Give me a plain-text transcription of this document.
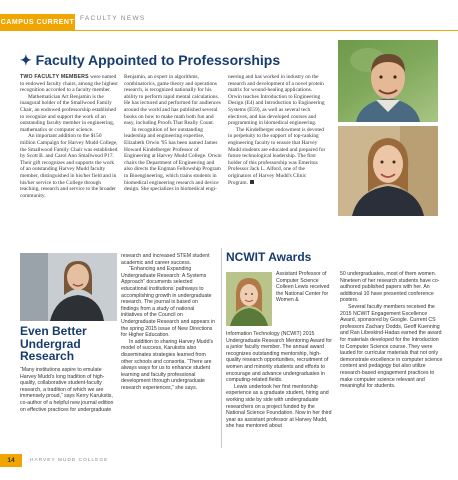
CAMPUS CURRENT
FACULTY NEWS
✦ Faculty Appointed to Professorships

TWO FACULTY MEMBERS were named to endowed faculty chairs, among the highest recognition accorded to a faculty member.

Mathematician Art Benjamin is the inaugural holder of the Smallwood Family Chair, an endowed professorship established to recognize and support the work of an outstanding faculty member in engineering, mathematics or computer science.

An important addition to the $150 million Campaign for Harvey Mudd College, the Smallwood Family Chair was established by Scott B. and Carol Ann Smallwood P17. Their gift recognizes and supports the work of an outstanding Harvey Mudd faculty member, distinguished in his/her field and in his/her service to the College through teaching, research and service to the broader community.

Benjamin, an expert in algorithms, combinatorics, game theory and operations research, is recognized nationally for his ability to perform rapid mental calculations. He has lectured and performed for audiences around the world and has published several books on how to make math both fun and easy, including Proofs That Really Count.

In recognition of her outstanding leadership and engineering expertise, Elizabeth Orwin '95 has been named James Howard Kindelberger Professor of Engineering at Harvey Mudd College. Orwin chairs the Department of Engineering and also directs the Engman Fellowship Program in Bioengineering, which trains students in biomedical engineering research and device design. She specializes in biomedical engi-

neering and has worked in industry on the research and development of a novel protein matrix for wound-healing applications. Orwin teaches Introduction to Engineering Design (E4) and Introduction to Engineering Systems (E59), as well as several tech electives, and has developed courses and programming in biomedical engineering.

The Kindelberger endowment is devoted in perpetuity to the support of top-ranking engineering faculty to ensure that Harvey Mudd students are educated and prepared for future technological leadership. The first holder of this professorship was Emeritus Professor Jack L. Alford, one of the originators of Harvey Mudd's Clinic Program.

Even Better
Undergrad
Research

“Many institutions aspire to emulate Harvey Mudd’s long tradition of high-quality, collaborative student-faculty research, a tradition of which we are immensely proud,” says Kerry Karukstis, co-author of a helpful new journal edition on effective practices for undergraduate

research and increased STEM student academic and career success.

“Enhancing and Expanding Undergraduate Research: A Systems Approach” documents selected educational institutions’ pathways to accomplishing growth in undergraduate research. The journal is based on findings from a study of national initiatives of the Council on Undergraduate Research and appears in the spring 2015 issue of New Directions for Higher Education.

In addition to sharing Harvey Mudd’s model of success, Karukstis also disseminates strategies learned from other schools and consortia. “There are always ways for us to enhance student learning and faculty professional development through undergraduate research experiences,” she says.

NCWIT Awards

Assistant Professor of Computer Science Colleen Lewis received the National Center for Women &

Information Technology (NCWIT) 2015 Undergraduate Research Mentoring Award for a junior faculty member. The annual award recognizes outstanding mentorship, high-quality research opportunities, recruitment of women and minority students and efforts to encourage and advance undergraduates in computing-related fields.

Lewis undertook her first mentorship experience as a graduate student, hiring and working side by side with undergraduate researchers on a project funded by the National Science Foundation. Now in her third year as assistant professor at Harvey Mudd, she has mentored about

50 undergraduates, most of them women. Nineteen of her research students have co-authored published papers with her. An additional 10 have presented conference posters.

Several faculty members received the 2015 NCWIT Engagement Excellence Award, sponsored by Google. Current CS professors Zachary Dodds, Geoff Kuenning and Ran Libeskind-Hadas earned the award for materials developed for the Introduction to Computer Science course. They were lauded for curricular materials that not only demonstrate excellence in computer science content and pedagogy but also utilize research-based engagement practices to make computer science relevant and meaningful for students.

14	HARVEY MUDD COLLEGE
